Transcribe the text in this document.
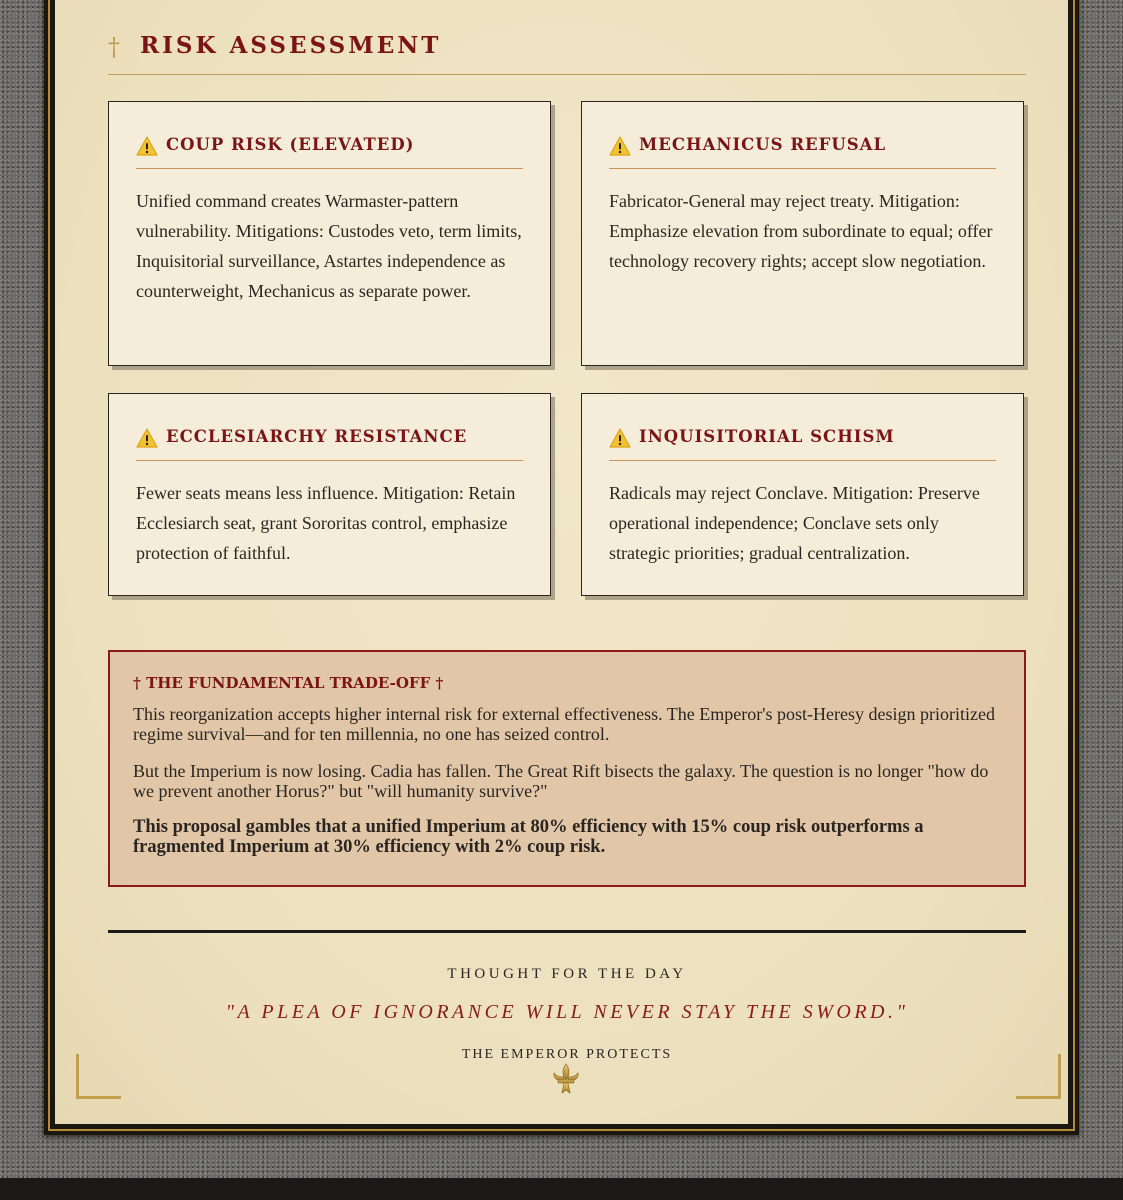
† RISK ASSESSMENT
COUP RISK (ELEVATED)
Unified command creates Warmaster-pattern vulnerability. Mitigations: Custodes veto, term limits, Inquisitorial surveillance, Astartes independence as counterweight, Mechanicus as separate power.
MECHANICUS REFUSAL
Fabricator-General may reject treaty. Mitigation: Emphasize elevation from subordinate to equal; offer technology recovery rights; accept slow negotiation.
ECCLESIARCHY RESISTANCE
Fewer seats means less influence. Mitigation: Retain Ecclesiarch seat, grant Sororitas control, emphasize protection of faithful.
INQUISITORIAL SCHISM
Radicals may reject Conclave. Mitigation: Preserve operational independence; Conclave sets only strategic priorities; gradual centralization.
† THE FUNDAMENTAL TRADE-OFF †

This reorganization accepts higher internal risk for external effectiveness. The Emperor's post-Heresy design prioritized regime survival—and for ten millennia, no one has seized control.

But the Imperium is now losing. Cadia has fallen. The Great Rift bisects the galaxy. The question is no longer "how do we prevent another Horus?" but "will humanity survive?"

This proposal gambles that a unified Imperium at 80% efficiency with 15% coup risk outperforms a fragmented Imperium at 30% efficiency with 2% coup risk.

THOUGHT FOR THE DAY
"A PLEA OF IGNORANCE WILL NEVER STAY THE SWORD."
THE EMPEROR PROTECTS
